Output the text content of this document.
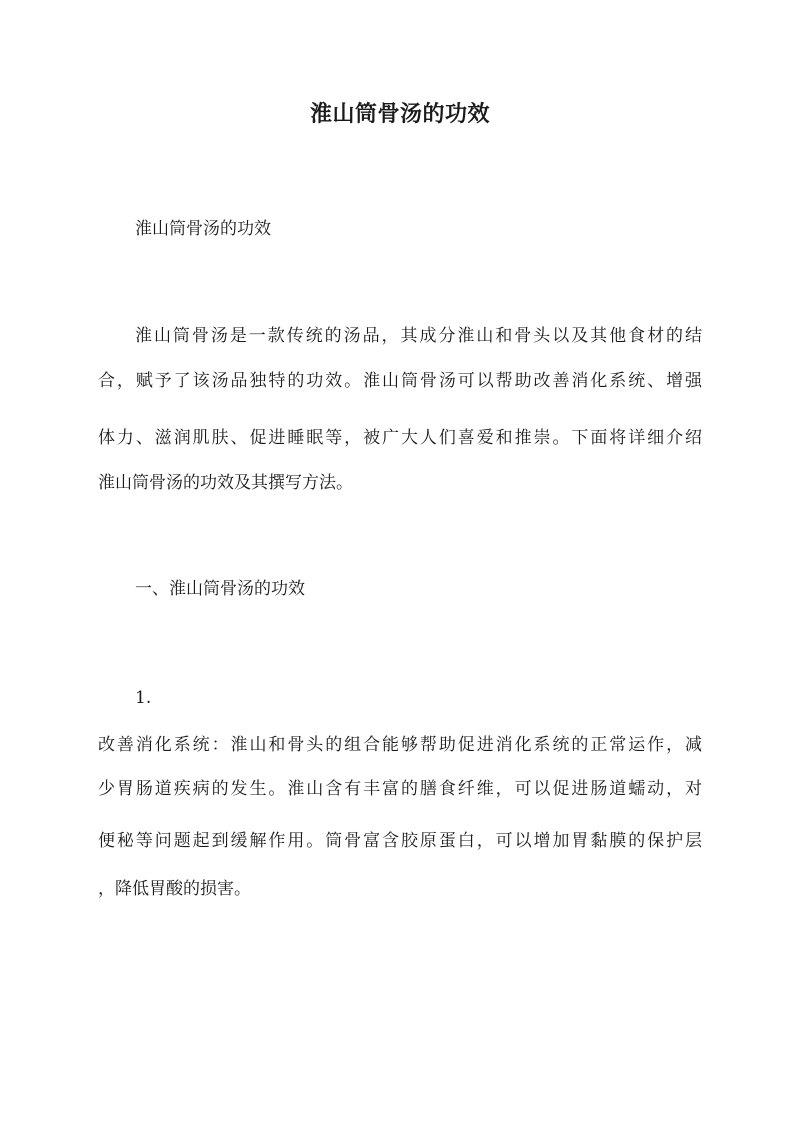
淮山筒骨汤的功效
淮山筒骨汤的功效
淮山筒骨汤是一款传统的汤品，其成分淮山和骨头以及其他食材的结
合，赋予了该汤品独特的功效。淮山筒骨汤可以帮助改善消化系统、增强
体力、滋润肌肤、促进睡眠等，被广大人们喜爱和推崇。下面将详细介绍
淮山筒骨汤的功效及其撰写方法。
一、淮山筒骨汤的功效
1.
改善消化系统：淮山和骨头的组合能够帮助促进消化系统的正常运作，减
少胃肠道疾病的发生。淮山含有丰富的膳食纤维，可以促进肠道蠕动，对
便秘等问题起到缓解作用。筒骨富含胶原蛋白，可以增加胃黏膜的保护层
，降低胃酸的损害。
